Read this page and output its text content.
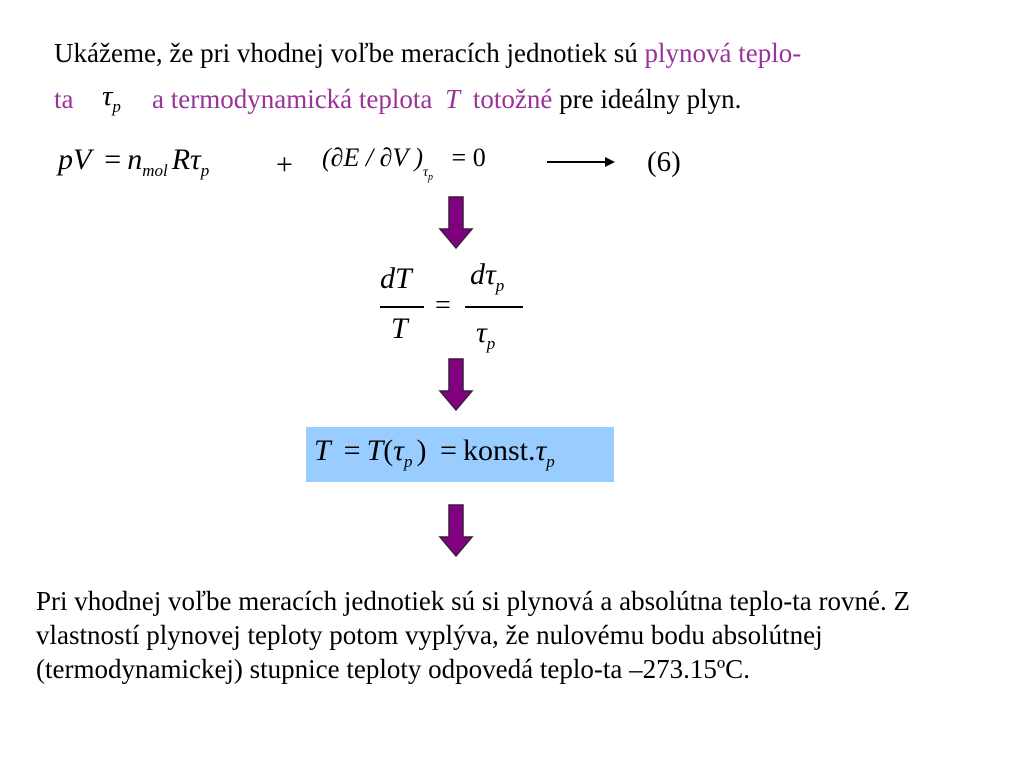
Ukážeme, že pri vhodnej voľbe meracích jednotiek sú plynová teplo-
ta $\tau_p$ a termodynamická teplota T totožné pre ideálny plyn.
pV = $n_{mol}$ $R\tau_p + (\partial E / \partial V$ )$_{\tau p} = 0$	(6)
dT
T
=
$d\tau_p$
$\tau_p$
$T = T(\tau_p$ ) = $konst.\tau_p$
Pri vhodnej voľbe meracích jednotiek sú si plynová a absolútna teplo-ta rovné. Z vlastností plynovej teploty potom vyplýva, že nulovému bodu absolútnej (termodynamickej) stupnice teploty odpovedá teplo-ta –273.15ºC.
